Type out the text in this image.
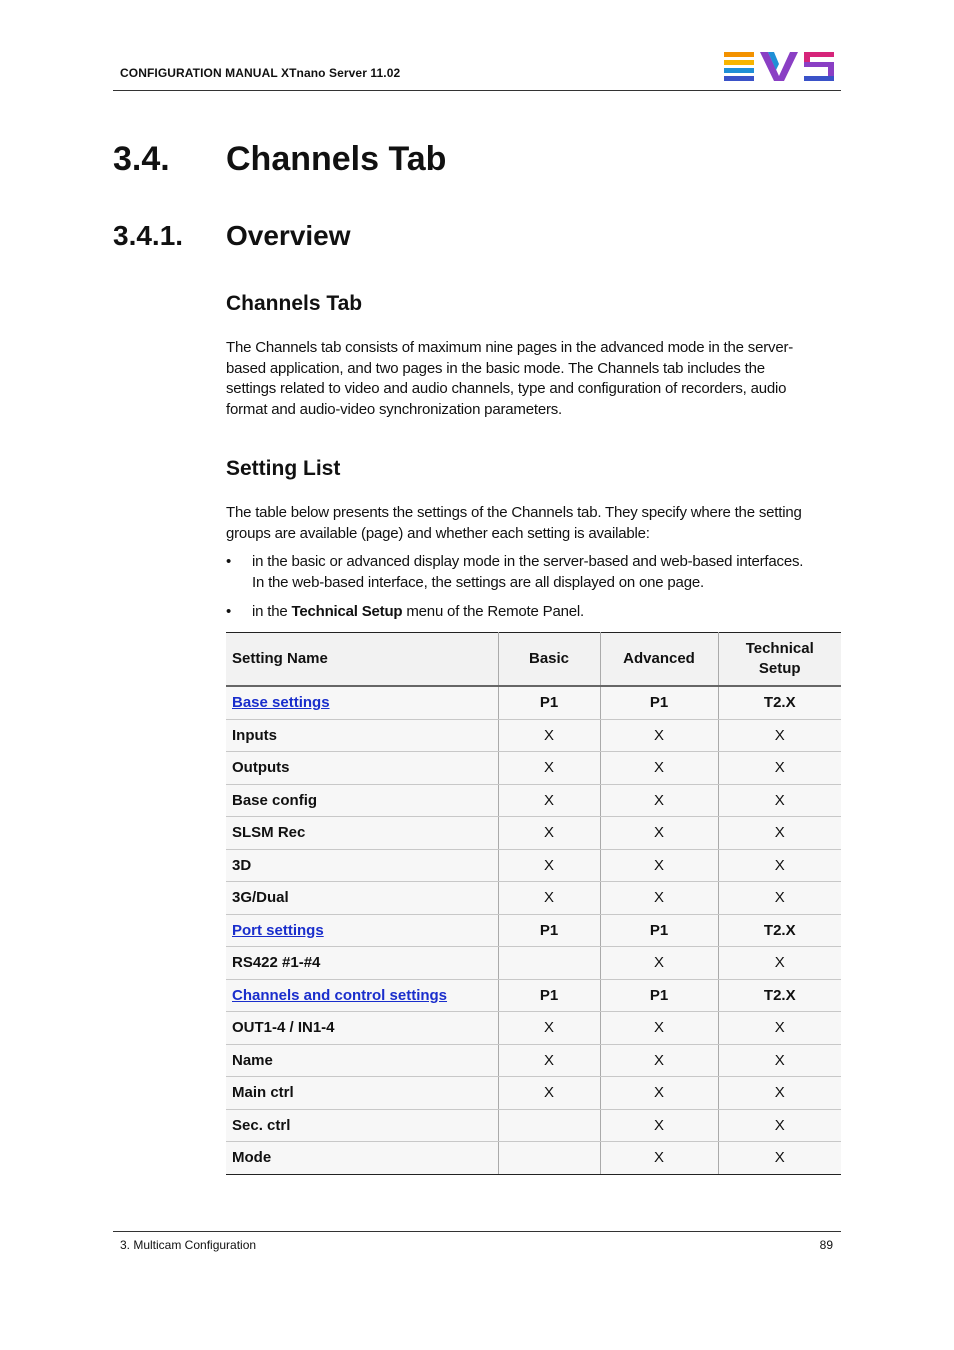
CONFIGURATION MANUAL XTnano Server 11.02
3.4. Channels Tab
3.4.1. Overview
Channels Tab
The Channels tab consists of maximum nine pages in the advanced mode in the server-
based application, and two pages in the basic mode. The Channels tab includes the
settings related to video and audio channels, type and configuration of recorders, audio
format and audio-video synchronization parameters.
Setting List
The table below presents the settings of the Channels tab. They specify where the setting
groups are available (page) and whether each setting is available:
• in the basic or advanced display mode in the server-based and web-based interfaces.
In the web-based interface, the settings are all displayed on one page.
• in the Technical Setup menu of the Remote Panel.
Setting Name	Basic	Advanced	Technical
Setup
Base settings	P1	P1	T2.X
Inputs	X	X	X
Outputs	X	X	X
Base config	X	X	X
SLSM Rec	X	X	X
3D	X	X	X
3G/Dual	X	X	X
Port settings	P1	P1	T2.X
RS422 #1-#4		X	X
Channels and control settings	P1	P1	T2.X
OUT1-4 / IN1-4	X	X	X
Name	X	X	X
Main ctrl	X	X	X
Sec. ctrl		X	X
Mode		X	X
3. Multicam Configuration	89
